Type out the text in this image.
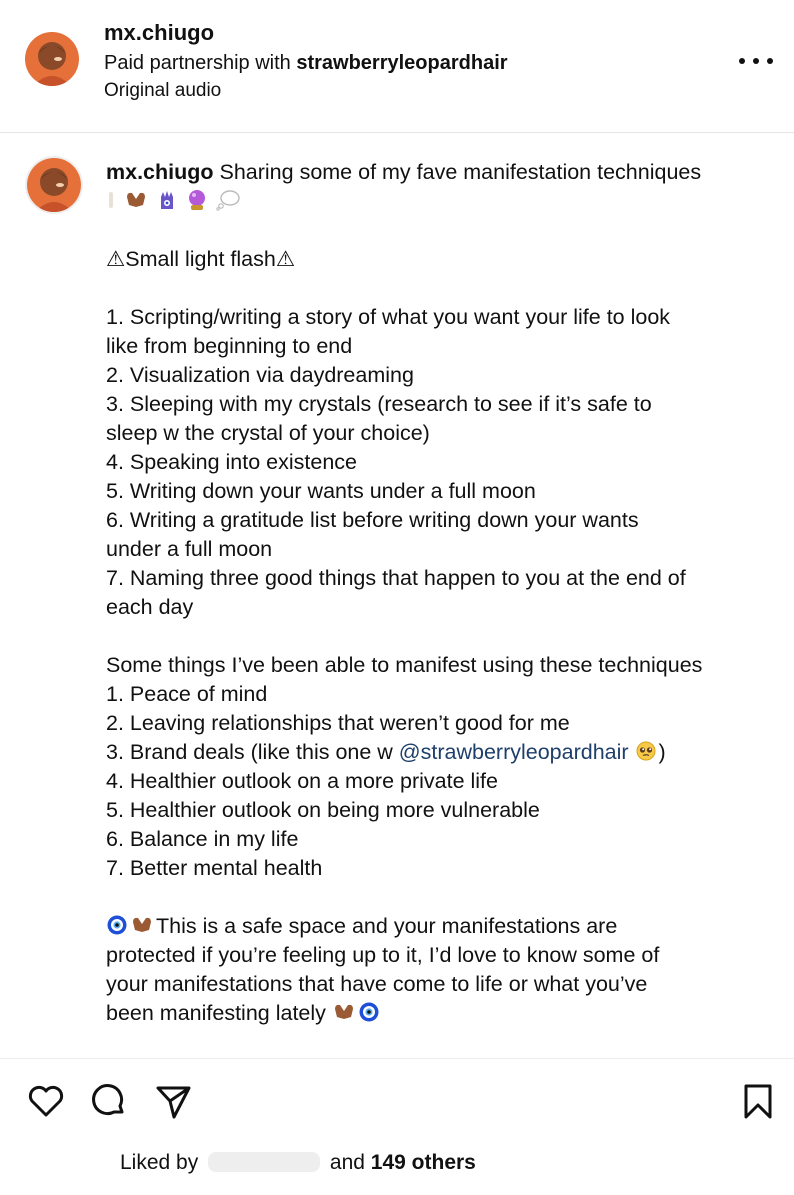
mx.chiugo
Paid partnership with strawberryleopardhair
Original audio
mx.chiugo Sharing some of my fave manifestation techniques

⚠Small light flash⚠
1. Scripting/writing a story of what you want your life to look
like from beginning to end
2. Visualization via daydreaming
3. Sleeping with my crystals (research to see if it’s safe to
sleep w the crystal of your choice)
4. Speaking into existence
5. Writing down your wants under a full moon
6. Writing a gratitude list before writing down your wants
under a full moon
7. Naming three good things that happen to you at the end of
each day
Some things I’ve been able to manifest using these techniques
1. Peace of mind
2. Leaving relationships that weren’t good for me
3. Brand deals (like this one w @strawberryleopardhair )
4. Healthier outlook on a more private life
5. Healthier outlook on being more vulnerable
6. Balance in my life
7. Better mental health
This is a safe space and your manifestations are
protected if you’re feeling up to it, I’d love to know some of
your manifestations that have come to life or what you’ve
been manifesting lately
Liked by	and 149 others
